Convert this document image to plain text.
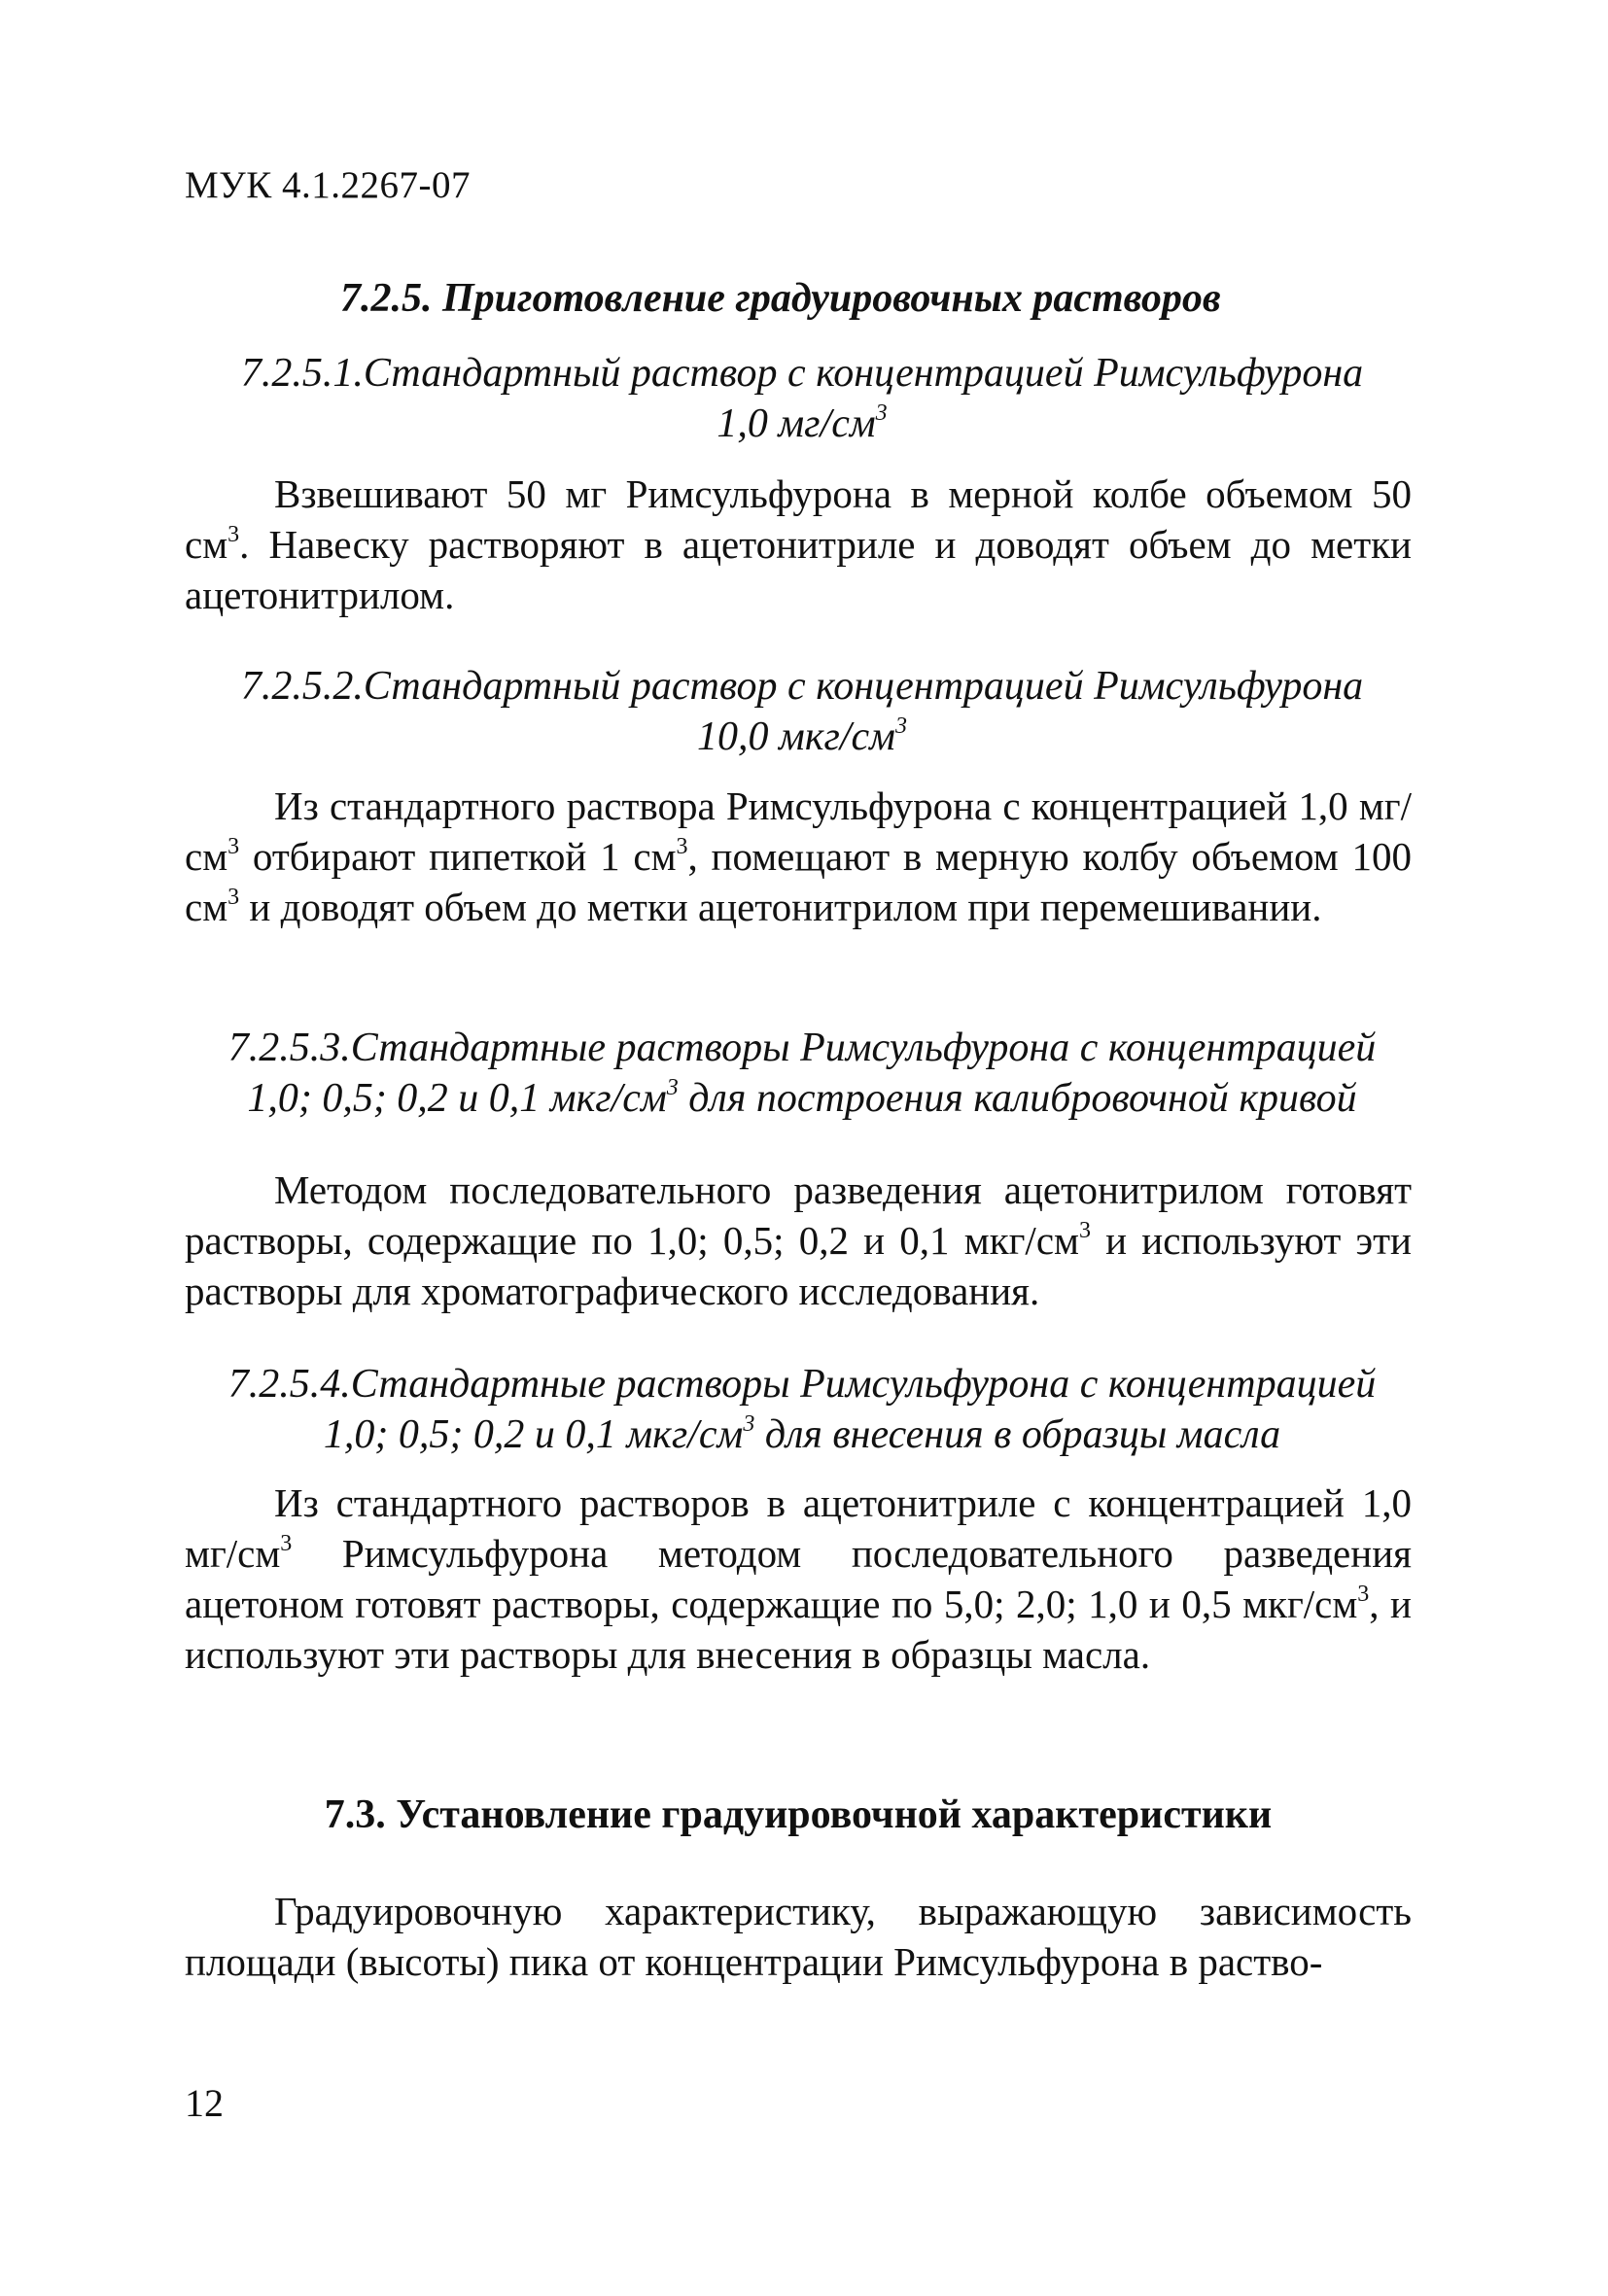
МУК 4.1.2267-07
7.2.5. Приготовление градуировочных растворов
7.2.5.1.Стандартный раствор с концентрацией Римсульфурона
1,0 $мг/см^3$
Взвешивают 50 мг Римсульфурона в мерной колбе объемом 50 $см^3$. Навеску растворяют в ацетонитриле и доводят объем до метки ацетонитрилом.
7.2.5.2.Стандартный раствор с концентрацией Римсульфурона
10,0 мкг/$см^3$
Из стандартного раствора Римсульфурона с концентрацией 1,0 $мг/см^3$ отбирают пипеткой 1 $см^3$, помещают в мерную колбу объемом 100 $см^3$ и доводят объем до метки ацетонитрилом при перемешивании.
7.2.5.3.Стандартные растворы Римсульфурона с концентрацией
1,0; 0,5; 0,2 и 0,1 мкг/$см^3$ для построения калибровочной кривой
Методом последовательного разведения ацетонитрилом готовят растворы, содержащие по 1,0; 0,5; 0,2 и 0,1 мкг/$см^3$ и используют эти растворы для хроматографического исследования.
7.2.5.4.Стандартные растворы Римсульфурона с концентрацией
1,0; 0,5; 0,2 и 0,1 мкг/$см^3$ для внесения в образцы масла
Из стандартного растворов в ацетонитриле с концентрацией 1,0 $мг/см^3$ Римсульфурона методом последовательного разведения ацетоном готовят растворы, содержащие по 5,0; 2,0; 1,0 и 0,5 мкг/$см^3$, и используют эти растворы для внесения в образцы масла.
7.3. Установление градуировочной характеристики
Градуировочную характеристику, выражающую зависимость площади (высоты) пика от концентрации Римсульфурона в раство-
12
